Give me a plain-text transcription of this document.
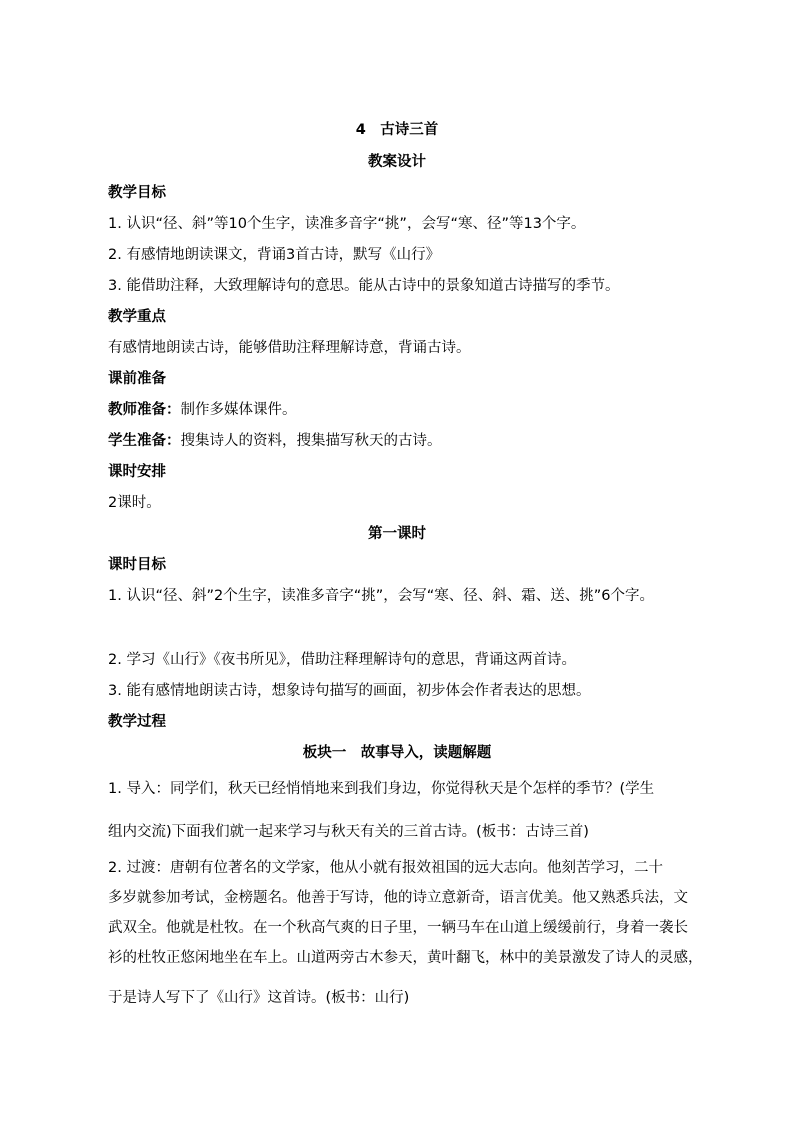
4　古诗三首
教案设计
教学目标
1. 认识“径、斜”等10个生字，读准多音字“挑”，会写“寒、径”等13个字。
2. 有感情地朗读课文，背诵3首古诗，默写《山行》
3. 能借助注释，大致理解诗句的意思。能从古诗中的景象知道古诗描写的季节。
教学重点
有感情地朗读古诗，能够借助注释理解诗意，背诵古诗。
课前准备
教师准备：制作多媒体课件。
学生准备：搜集诗人的资料，搜集描写秋天的古诗。
课时安排
2课时。
第一课时
课时目标
1. 认识“径、斜”2个生字，读准多音字“挑”，会写“寒、径、斜、霜、送、挑”6个字。
2. 学习《山行》《夜书所见》，借助注释理解诗句的意思，背诵这两首诗。
3. 能有感情地朗读古诗，想象诗句描写的画面，初步体会作者表达的思想。
教学过程
板块一　故事导入，读题解题
1. 导入：同学们，秋天已经悄悄地来到我们身边，你觉得秋天是个怎样的季节？(学生
组内交流)下面我们就一起来学习与秋天有关的三首古诗。(板书：古诗三首)
2. 过渡：唐朝有位著名的文学家，他从小就有报效祖国的远大志向。他刻苦学习，二十
多岁就参加考试，金榜题名。他善于写诗，他的诗立意新奇，语言优美。他又熟悉兵法，文
武双全。他就是杜牧。在一个秋高气爽的日子里，一辆马车在山道上缓缓前行，身着一袭长
衫的杜牧正悠闲地坐在车上。山道两旁古木参天，黄叶翻飞，林中的美景激发了诗人的灵感，
于是诗人写下了《山行》这首诗。(板书：山行)
